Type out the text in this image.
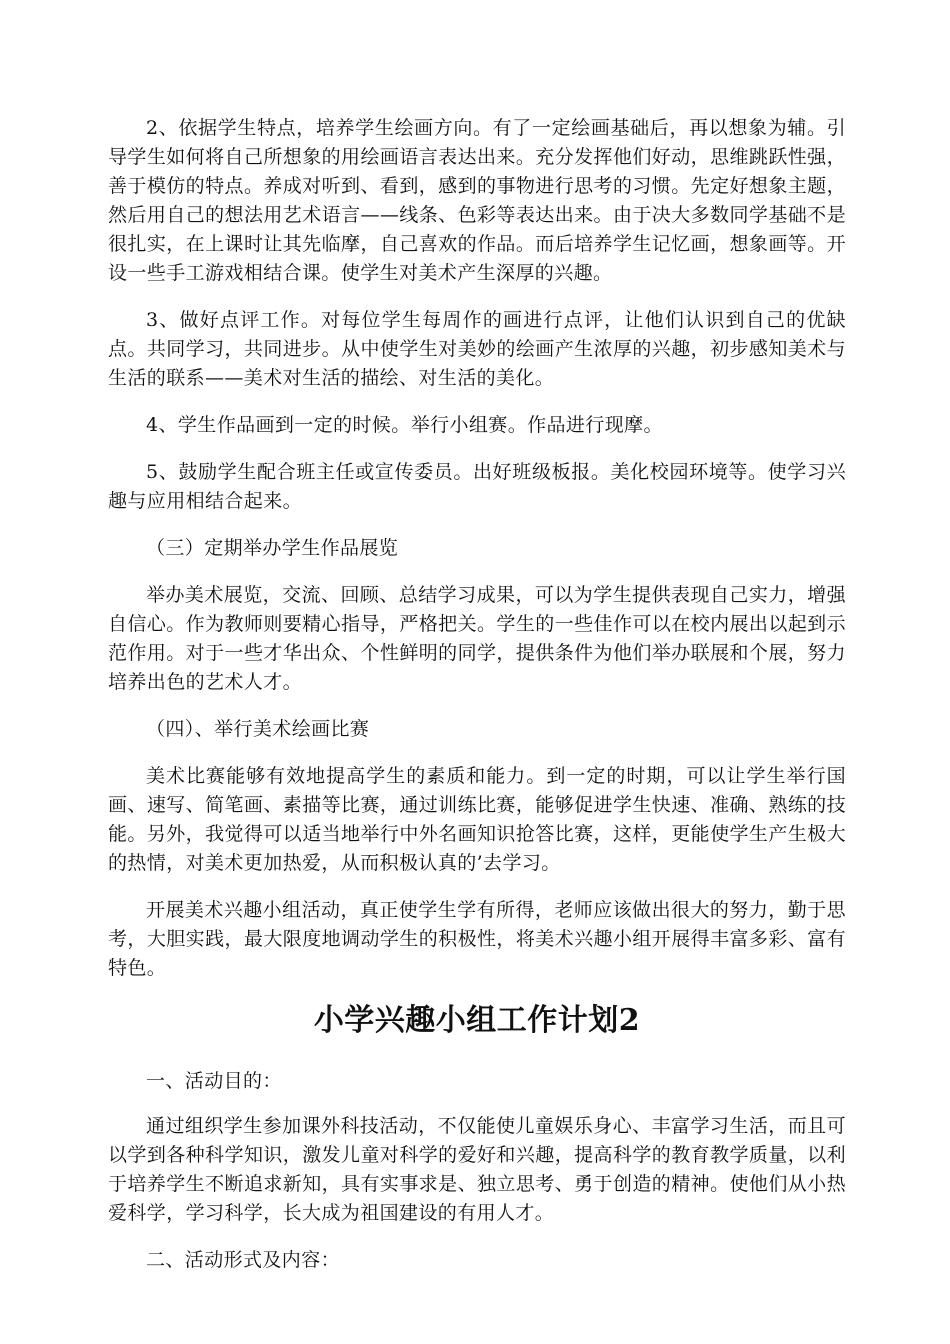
2、依据学生特点，培养学生绘画方向。有了一定绘画基础后，再以想象为辅。引导学生如何将自己所想象的用绘画语言表达出来。充分发挥他们好动，思维跳跃性强，善于模仿的特点。养成对听到、看到，感到的事物进行思考的习惯。先定好想象主题，然后用自己的想法用艺术语言——线条、色彩等表达出来。由于决大多数同学基础不是很扎实，在上课时让其先临摩，自己喜欢的作品。而后培养学生记忆画，想象画等。开设一些手工游戏相结合课。使学生对美术产生深厚的兴趣。

3、做好点评工作。对每位学生每周作的画进行点评，让他们认识到自己的优缺点。共同学习，共同进步。从中使学生对美妙的绘画产生浓厚的兴趣，初步感知美术与生活的联系——美术对生活的描绘、对生活的美化。

4、学生作品画到一定的时候。举行小组赛。作品进行现摩。

5、鼓励学生配合班主任或宣传委员。出好班级板报。美化校园环境等。使学习兴趣与应用相结合起来。

（三）定期举办学生作品展览

举办美术展览，交流、回顾、总结学习成果，可以为学生提供表现自己实力，增强自信心。作为教师则要精心指导，严格把关。学生的一些佳作可以在校内展出以起到示范作用。对于一些才华出众、个性鲜明的同学，提供条件为他们举办联展和个展，努力培养出色的艺术人才。

（四）、举行美术绘画比赛

美术比赛能够有效地提高学生的素质和能力。到一定的时期，可以让学生举行国画、速写、简笔画、素描等比赛，通过训练比赛，能够促进学生快速、准确、熟练的技能。另外，我觉得可以适当地举行中外名画知识抢答比赛，这样，更能使学生产生极大的热情，对美术更加热爱，从而积极认真的’去学习。

开展美术兴趣小组活动，真正使学生学有所得，老师应该做出很大的努力，勤于思考，大胆实践，最大限度地调动学生的积极性，将美术兴趣小组开展得丰富多彩、富有特色。

小学兴趣小组工作计划2

一、活动目的：

通过组织学生参加课外科技活动，不仅能使儿童娱乐身心、丰富学习生活，而且可以学到各种科学知识，激发儿童对科学的爱好和兴趣，提高科学的教育教学质量，以利于培养学生不断追求新知，具有实事求是、独立思考、勇于创造的精神。使他们从小热爱科学，学习科学，长大成为祖国建设的有用人才。

二、活动形式及内容：
